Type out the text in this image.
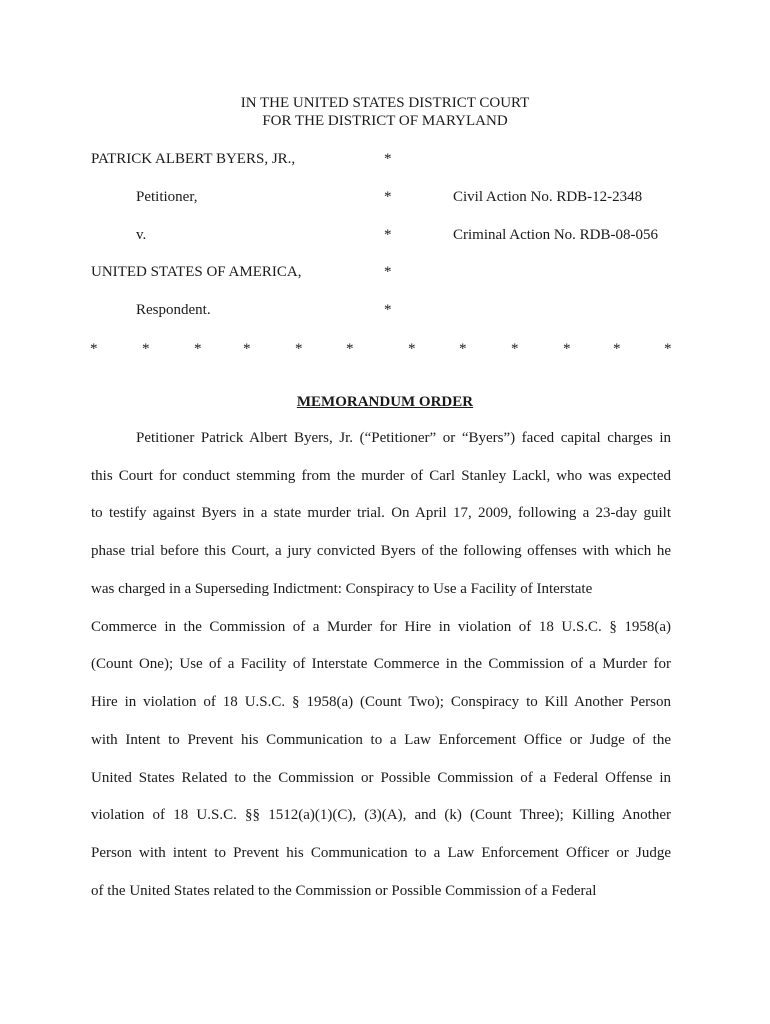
IN THE UNITED STATES DISTRICT COURT
FOR THE DISTRICT OF MARYLAND
PATRICK ALBERT BYERS, JR.,	*
Petitioner,	*	Civil Action No. RDB-12-2348
v.	*	Criminal Action No. RDB-08-056
UNITED STATES OF AMERICA,	*
Respondent.	*
*	*	*	*	*	*	*	*	*	*	*	*
MEMORANDUM ORDER
Petitioner Patrick Albert Byers, Jr. (“Petitioner” or “Byers”) faced capital charges in
this Court for conduct stemming from the murder of Carl Stanley Lackl, who was expected
to testify against Byers in a state murder trial. On April 17, 2009, following a 23-day guilt
phase trial before this Court, a jury convicted Byers of the following offenses with which he
was charged in a Superseding Indictment: Conspiracy to Use a Facility of Interstate
Commerce in the Commission of a Murder for Hire in violation of 18 U.S.C. § 1958(a)
(Count One); Use of a Facility of Interstate Commerce in the Commission of a Murder for
Hire in violation of 18 U.S.C. § 1958(a) (Count Two); Conspiracy to Kill Another Person
with Intent to Prevent his Communication to a Law Enforcement Office or Judge of the
United States Related to the Commission or Possible Commission of a Federal Offense in
violation of 18 U.S.C. §§ 1512(a)(1)(C), (3)(A), and (k) (Count Three); Killing Another
Person with intent to Prevent his Communication to a Law Enforcement Officer or Judge
of the United States related to the Commission or Possible Commission of a Federal
